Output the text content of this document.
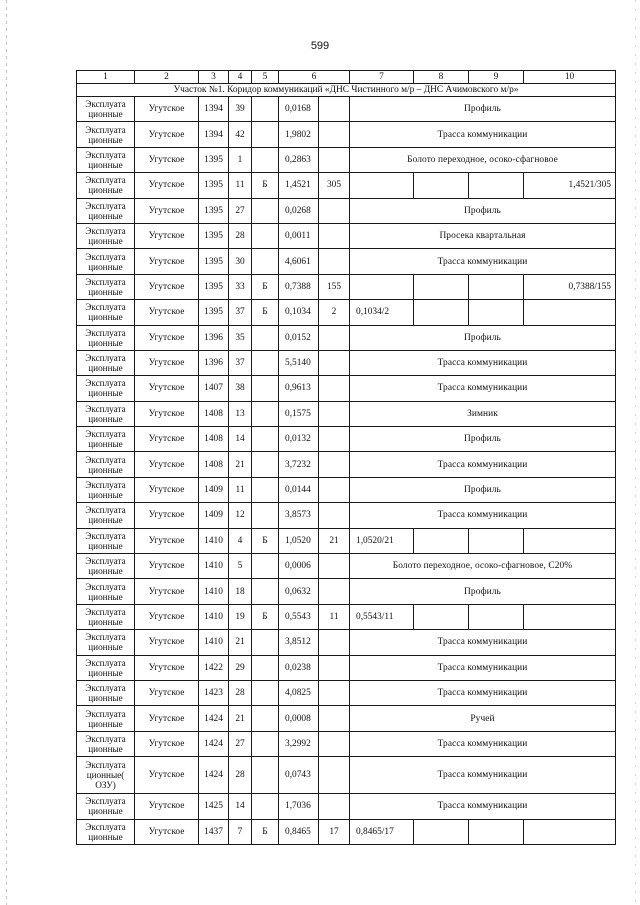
599
1	2	3	4	5	6		7	8	9	10
Участок №1. Коридор коммуникаций «ДНС Чистинного м/р – ДНС Ачимовского м/р»										
Эксплуата ционные	Угутское	1394	39		0,0168		Профиль			
Эксплуата ционные	Угутское	1394	42		1,9802		Трасса коммуникации			
Эксплуата ционные	Угутское	1395	1		0,2863		Болото переходное, осоко-сфагновое			
Эксплуата ционные	Угутское	1395	11	Б	1,4521	305				1,4521/305
Эксплуата ционные	Угутское	1395	27		0,0268		Профиль			
Эксплуата ционные	Угутское	1395	28		0,0011		Просека квартальная			
Эксплуата ционные	Угутское	1395	30		4,6061		Трасса коммуникации			
Эксплуата ционные	Угутское	1395	33	Б	0,7388	155				0,7388/155
Эксплуата ционные	Угутское	1395	37	Б	0,1034	2	0,1034/2			
Эксплуата ционные	Угутское	1396	35		0,0152		Профиль			
Эксплуата ционные	Угутское	1396	37		5,5140		Трасса коммуникации			
Эксплуата ционные	Угутское	1407	38		0,9613		Трасса коммуникации			
Эксплуата ционные	Угутское	1408	13		0,1575		Зимник			
Эксплуата ционные	Угутское	1408	14		0,0132		Профиль			
Эксплуата ционные	Угутское	1408	21		3,7232		Трасса коммуникации			
Эксплуата ционные	Угутское	1409	11		0,0144		Профиль			
Эксплуата ционные	Угутское	1409	12		3,8573		Трасса коммуникации			
Эксплуата ционные	Угутское	1410	4	Б	1,0520	21	1,0520/21			
Эксплуата ционные	Угутское	1410	5		0,0006		Болото переходное, осоко-сфагновое, С20%			
Эксплуата ционные	Угутское	1410	18		0,0632		Профиль			
Эксплуата ционные	Угутское	1410	19	Б	0,5543	11	0,5543/11			
Эксплуата ционные	Угутское	1410	21		3,8512		Трасса коммуникации			
Эксплуата ционные	Угутское	1422	29		0,0238		Трасса коммуникации			
Эксплуата ционные	Угутское	1423	28		4,0825		Трасса коммуникации			
Эксплуата ционные	Угутское	1424	21		0,0008		Ручей			
Эксплуата ционные	Угутское	1424	27		3,2992		Трасса коммуникации			
Эксплуата ционные( ОЗУ)	Угутское	1424	28		0,0743		Трасса коммуникации			
Эксплуата ционные	Угутское	1425	14		1,7036		Трасса коммуникации			
Эксплуата ционные	Угутское	1437	7	Б	0,8465	17	0,8465/17			
